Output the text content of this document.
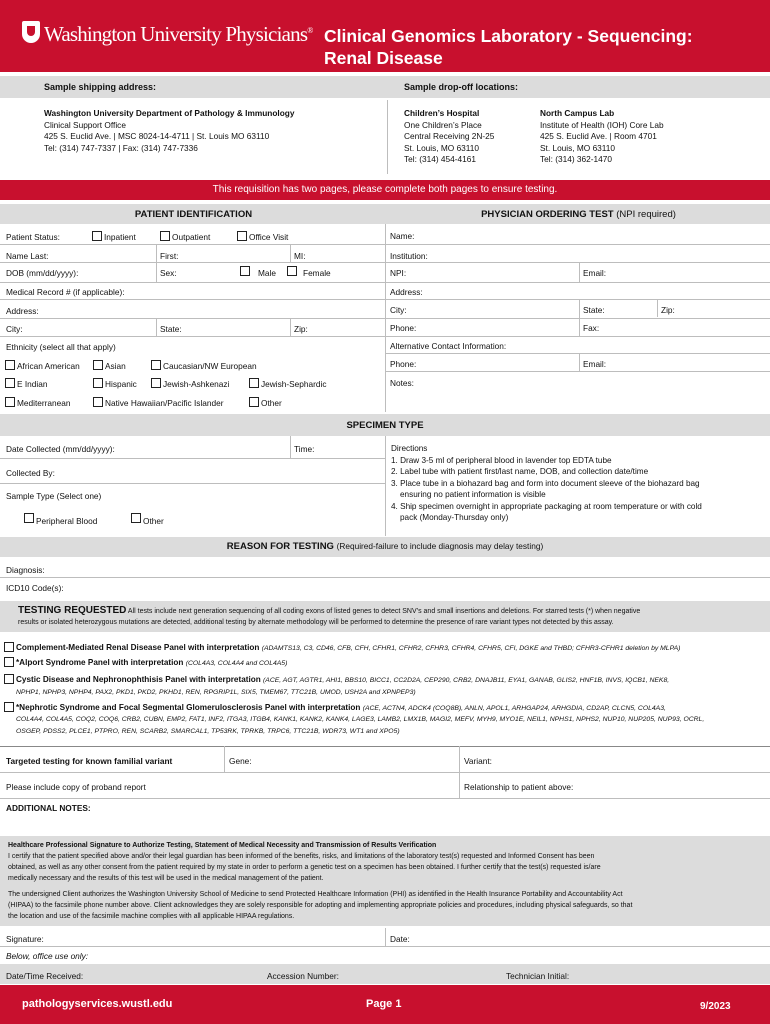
Washington University Physicians® Clinical Genomics Laboratory - Sequencing:
Renal Disease
Sample shipping address:	Sample drop-off locations:
Washington University Department of Pathology & Immunology
Clinical Support Office
425 S. Euclid Ave. | MSC 8024-14-4711 | St. Louis MO 63110
Tel: (314) 747-7337 | Fax: (314) 747-7336
Children’s Hospital
One Children’s Place
Central Receiving 2N-25
St. Louis, MO 63110
Tel: (314) 454-4161
North Campus Lab
Institute of Health (IOH) Core Lab
425 S. Euclid Ave. | Room 4701
St. Louis, MO 63110
Tel: (314) 362-1470
This requisition has two pages, please complete both pages to ensure testing.
PATIENT IDENTIFICATION	PHYSICIAN ORDERING TEST (NPI required)
Patient Status:	Inpatient	Outpatient	Office Visit
Name Last:	First:	MI:
DOB (mm/dd/yyyy):	Sex:	Male	Female
Medical Record # (if applicable):
Address:
City:	State:	Zip:
Ethnicity (select all that apply)
African American	Asian	Caucasian/NW European
E Indian	Hispanic	Jewish-Ashkenazi	Jewish-Sephardic
Mediterranean	Native Hawaiian/Pacific Islander	Other
Name:
Institution:
NPI:	Email:
Address:
City:	State:	Zip:
Phone:	Fax:
Alternative Contact Information:
Phone:	Email:
Notes:
SPECIMEN TYPE
Date Collected (mm/dd/yyyy):	Time:
Collected By:
Sample Type (Select one)
Peripheral Blood	Other
Directions
1. Draw 3-5 ml of peripheral blood in lavender top EDTA tube
2. Label tube with patient first/last name, DOB, and collection date/time
3. Place tube in a biohazard bag and form into document sleeve of the biohazard bag
ensuring no patient information is visible
4. Ship specimen overnight in appropriate packaging at room temperature or with cold
pack (Monday-Thursday only)
REASON FOR TESTING (Required-failure to include diagnosis may delay testing)
Diagnosis:
ICD10 Code(s):
TESTING REQUESTED All tests include next generation sequencing of all coding exons of listed genes to detect SNV’s and small insertions and deletions. For starred tests (*) when negative
results or isolated heterozygous mutations are detected, additional testing by alternate methodology will be performed to determine the presence of rare variant types not detected by this assay.
Complement-Mediated Renal Disease Panel with interpretation (ADAMTS13, C3, CD46, CFB, CFH, CFHR1, CFHR2, CFHR3, CFHR4, CFHR5, CFI, DGKE and THBD; CFHR3-CFHR1 deletion by MLPA)
*Alport Syndrome Panel with interpretation (COL4A3, COL4A4 and COL4A5)
Cystic Disease and Nephronophthisis Panel with interpretation (ACE, AGT, AGTR1, AHI1, BBS10, BICC1, CC2D2A, CEP290, CRB2, DNAJB11, EYA1, GANAB, GLIS2, HNF1B, INVS, IQCB1, NEK8,
NPHP1, NPHP3, NPHP4, PAX2, PKD1, PKD2, PKHD1, REN, RPGRIP1L, SIX5, TMEM67, TTC21B, UMOD, USH2A and XPNPEP3)
*Nephrotic Syndrome and Focal Segmental Glomerulosclerosis Panel with interpretation (ACE, ACTN4, ADCK4 (COQ8B), ANLN, APOL1, ARHGAP24, ARHGDIA, CD2AP, CLCN5, COL4A3,
COL4A4, COL4A5, COQ2, COQ6, CRB2, CUBN, EMP2, FAT1, INF2, ITGA3, ITGB4, KANK1, KANK2, KANK4, LAGE3, LAMB2, LMX1B, MAGI2, MEFV, MYH9, MYO1E, NEIL1, NPHS1, NPHS2, NUP10, NUP205, NUP93, OCRL,
OSGEP, PDSS2, PLCE1, PTPRO, REN, SCARB2, SMARCAL1, TP53RK, TPRKB, TRPC6, TTC21B, WDR73, WT1 and XPO5)
Targeted testing for known familial variant	Gene:	Variant:
Please include copy of proband report	Relationship to patient above:
ADDITIONAL NOTES:
Healthcare Professional Signature to Authorize Testing, Statement of Medical Necessity and Transmission of Results Verification
I certify that the patient specified above and/or their legal guardian has been informed of the benefits, risks, and limitations of the laboratory test(s) requested and Informed Consent has been
obtained, as well as any other consent from the patient required by my state in order to perform a genetic test on a specimen has been obtained. I further certify that the test(s) requested is/are
medically necessary and the results of this test will be used in the medical management of the patient.
The undersigned Client authorizes the Washington University School of Medicine to send Protected Healthcare Information (PHI) as identified in the Health Insurance Portability and Accountability Act
(HIPAA) to the facsimile phone number above. Client acknowledges they are solely responsible for adopting and implementing appropriate policies and procedures, including physical safeguards, so that
the location and use of the facsimile machine complies with all applicable HIPAA regulations.
Signature:	Date:
Below, office use only:
Date/Time Received:	Accession Number:	Technician Initial:
pathologyservices.wustl.edu	Page 1	9/2023
